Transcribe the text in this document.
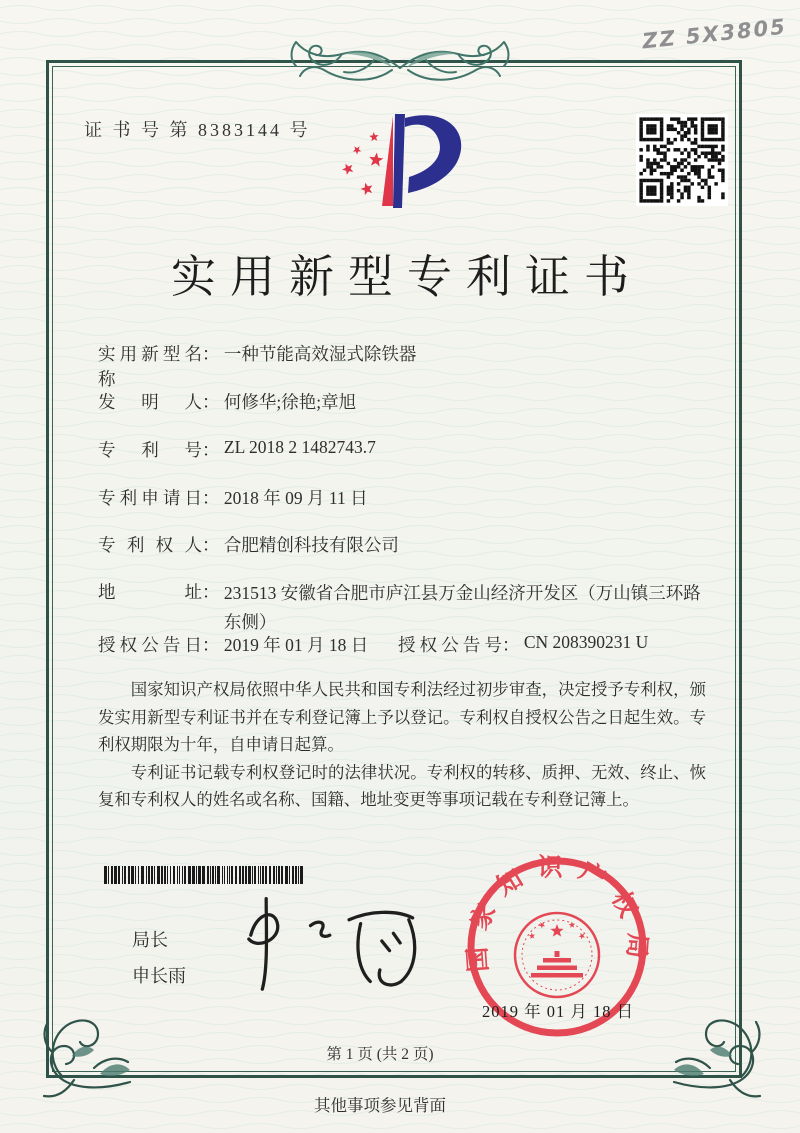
ZZ 5X3805
证 书 号 第 8383144 号
实用新型专利证书
实用新型名称： 一种节能高效湿式除铁器
发明人： 何修华;徐艳;章旭
专利号： ZL 2018 2 1482743.7
专利申请日： 2018 年 09 月 11 日
专利权人： 合肥精创科技有限公司
地址： 231513 安徽省合肥市庐江县万金山经济开发区（万山镇三环路东侧）
授权公告日： 2019 年 01 月 18 日 授权公告号： CN 208390231 U

国家知识产权局依照中华人民共和国专利法经过初步审查，决定授予专利权，颁发实用新型专利证书并在专利登记簿上予以登记。专利权自授权公告之日起生效。专利权期限为十年，自申请日起算。

专利证书记载专利权登记时的法律状况。专利权的转移、质押、无效、终止、恢复和专利权人的姓名或名称、国籍、地址变更等事项记载在专利登记簿上。

局长
申长雨
国家知识产权局
2019 年 01 月 18 日
第 1 页 (共 2 页)
其他事项参见背面
